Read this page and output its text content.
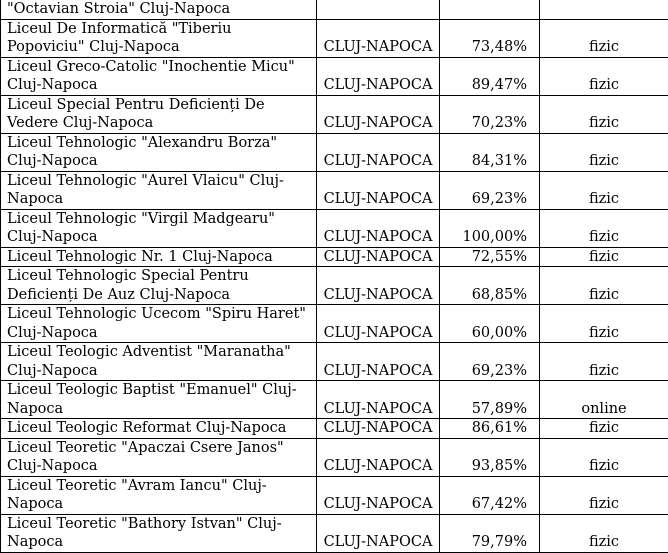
"Octavian Stroia" Cluj-Napoca			
Liceul De Informatică "Tiberiu Popoviciu" Cluj-Napoca	CLUJ-NAPOCA	73,48%	fizic
Liceul Greco-Catolic "Inochentie Micu" Cluj-Napoca	CLUJ-NAPOCA	89,47%	fizic
Liceul Special Pentru Deficienți De Vedere Cluj-Napoca	CLUJ-NAPOCA	70,23%	fizic
Liceul Tehnologic "Alexandru Borza" Cluj-Napoca	CLUJ-NAPOCA	84,31%	fizic
Liceul Tehnologic "Aurel Vlaicu" Cluj-Napoca	CLUJ-NAPOCA	69,23%	fizic
Liceul Tehnologic "Virgil Madgearu" Cluj-Napoca	CLUJ-NAPOCA	100,00%	fizic
Liceul Tehnologic Nr. 1 Cluj-Napoca	CLUJ-NAPOCA	72,55%	fizic
Liceul Tehnologic Special Pentru Deficienți De Auz Cluj-Napoca	CLUJ-NAPOCA	68,85%	fizic
Liceul Tehnologic Ucecom "Spiru Haret" Cluj-Napoca	CLUJ-NAPOCA	60,00%	fizic
Liceul Teologic Adventist "Maranatha" Cluj-Napoca	CLUJ-NAPOCA	69,23%	fizic
Liceul Teologic Baptist "Emanuel" Cluj-Napoca	CLUJ-NAPOCA	57,89%	online
Liceul Teologic Reformat Cluj-Napoca	CLUJ-NAPOCA	86,61%	fizic
Liceul Teoretic "Apaczai Csere Janos" Cluj-Napoca	CLUJ-NAPOCA	93,85%	fizic
Liceul Teoretic "Avram Iancu" Cluj-Napoca	CLUJ-NAPOCA	67,42%	fizic
Liceul Teoretic "Bathory Istvan" Cluj-Napoca	CLUJ-NAPOCA	79,79%	fizic
